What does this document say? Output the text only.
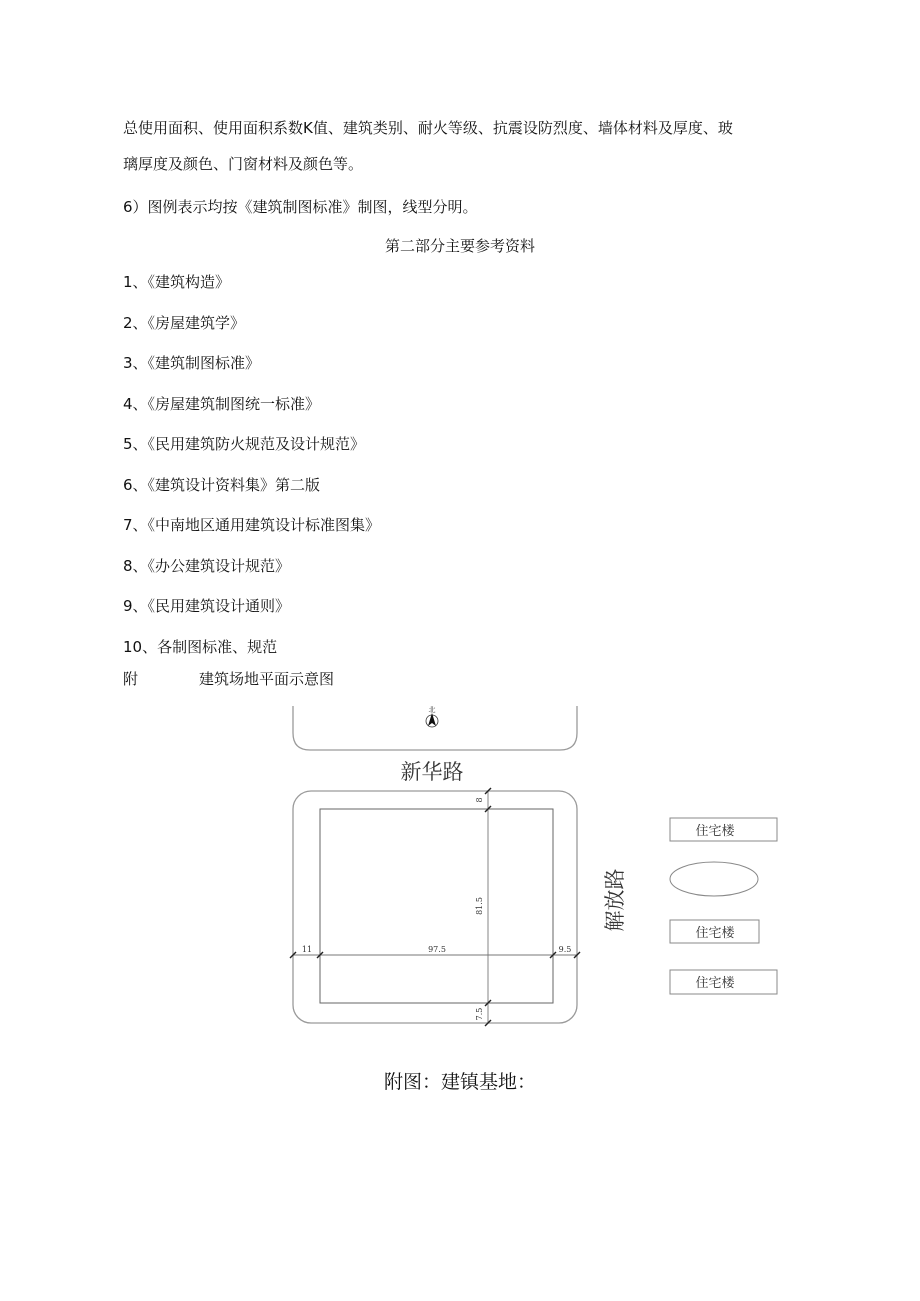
总使用面积、使用面积系数K值、建筑类别、耐火等级、抗震设防烈度、墙体材料及厚度、玻

璃厚度及颜色、门窗材料及颜色等。

6）图例表示均按《建筑制图标准》制图，线型分明。

第二部分主要参考资料

1、《建筑构造》
2、《房屋建筑学》
3、《建筑制图标准》
4、《房屋建筑制图统一标准》
5、《民用建筑防火规范及设计规范》
6、《建筑设计资料集》第二版
7、《中南地区通用建筑设计标准图集》
8、《办公建筑设计规范》
9、《民用建筑设计通则》
10、各制图标准、规范
附	建筑场地平面示意图
北
新华路
8
81.5
7.5
11	97.5	9.5
解放路
住宅楼
住宅楼
住宅楼
附图：建镇基地：
